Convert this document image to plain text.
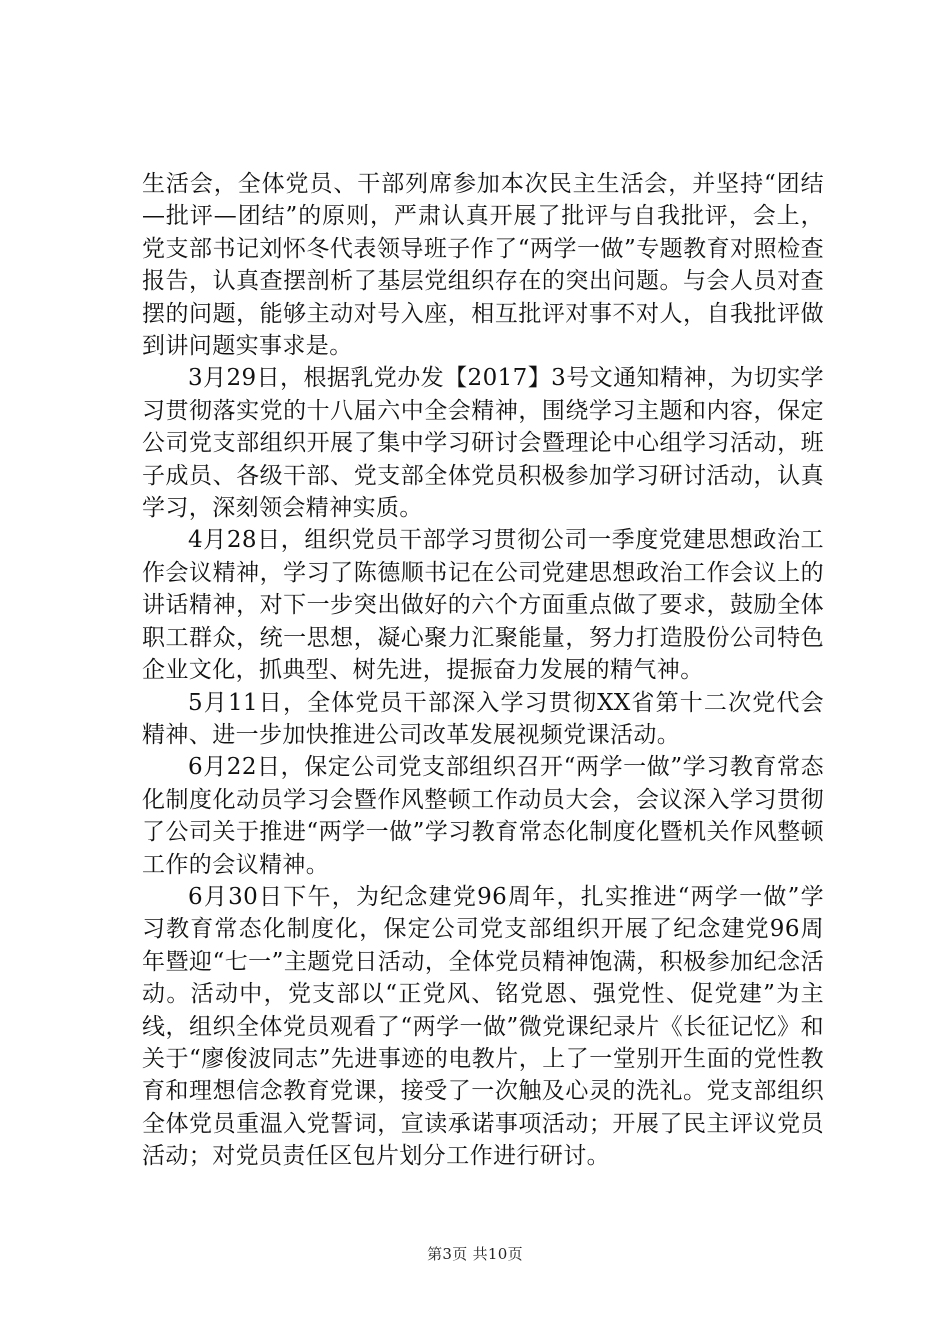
生活会，全体党员、干部列席参加本次民主生活会，并坚持“团结—批评—团结”的原则，严肃认真开展了批评与自我批评，会上，党支部书记刘怀冬代表领导班子作了“两学一做”专题教育对照检查报告，认真查摆剖析了基层党组织存在的突出问题。与会人员对查摆的问题，能够主动对号入座，相互批评对事不对人，自我批评做到讲问题实事求是。

3月29日，根据乳党办发【2017】3号文通知精神，为切实学习贯彻落实党的十八届六中全会精神，围绕学习主题和内容，保定公司党支部组织开展了集中学习研讨会暨理论中心组学习活动，班子成员、各级干部、党支部全体党员积极参加学习研讨活动，认真学习，深刻领会精神实质。

4月28日，组织党员干部学习贯彻公司一季度党建思想政治工作会议精神，学习了陈德顺书记在公司党建思想政治工作会议上的讲话精神，对下一步突出做好的六个方面重点做了要求，鼓励全体职工群众，统一思想，凝心聚力汇聚能量，努力打造股份公司特色企业文化，抓典型、树先进，提振奋力发展的精气神。

5月11日，全体党员干部深入学习贯彻XX省第十二次党代会精神、进一步加快推进公司改革发展视频党课活动。

6月22日，保定公司党支部组织召开“两学一做”学习教育常态化制度化动员学习会暨作风整顿工作动员大会，会议深入学习贯彻了公司关于推进“两学一做”学习教育常态化制度化暨机关作风整顿工作的会议精神。

6月30日下午，为纪念建党96周年，扎实推进“两学一做”学习教育常态化制度化，保定公司党支部组织开展了纪念建党96周年暨迎“七一”主题党日活动，全体党员精神饱满，积极参加纪念活动。活动中，党支部以“正党风、铭党恩、强党性、促党建”为主线，组织全体党员观看了“两学一做”微党课纪录片《长征记忆》和关于“廖俊波同志”先进事迹的电教片，上了一堂别开生面的党性教育和理想信念教育党课，接受了一次触及心灵的洗礼。党支部组织全体党员重温入党誓词，宣读承诺事项活动；开展了民主评议党员活动；对党员责任区包片划分工作进行研讨。

第3页 共10页
